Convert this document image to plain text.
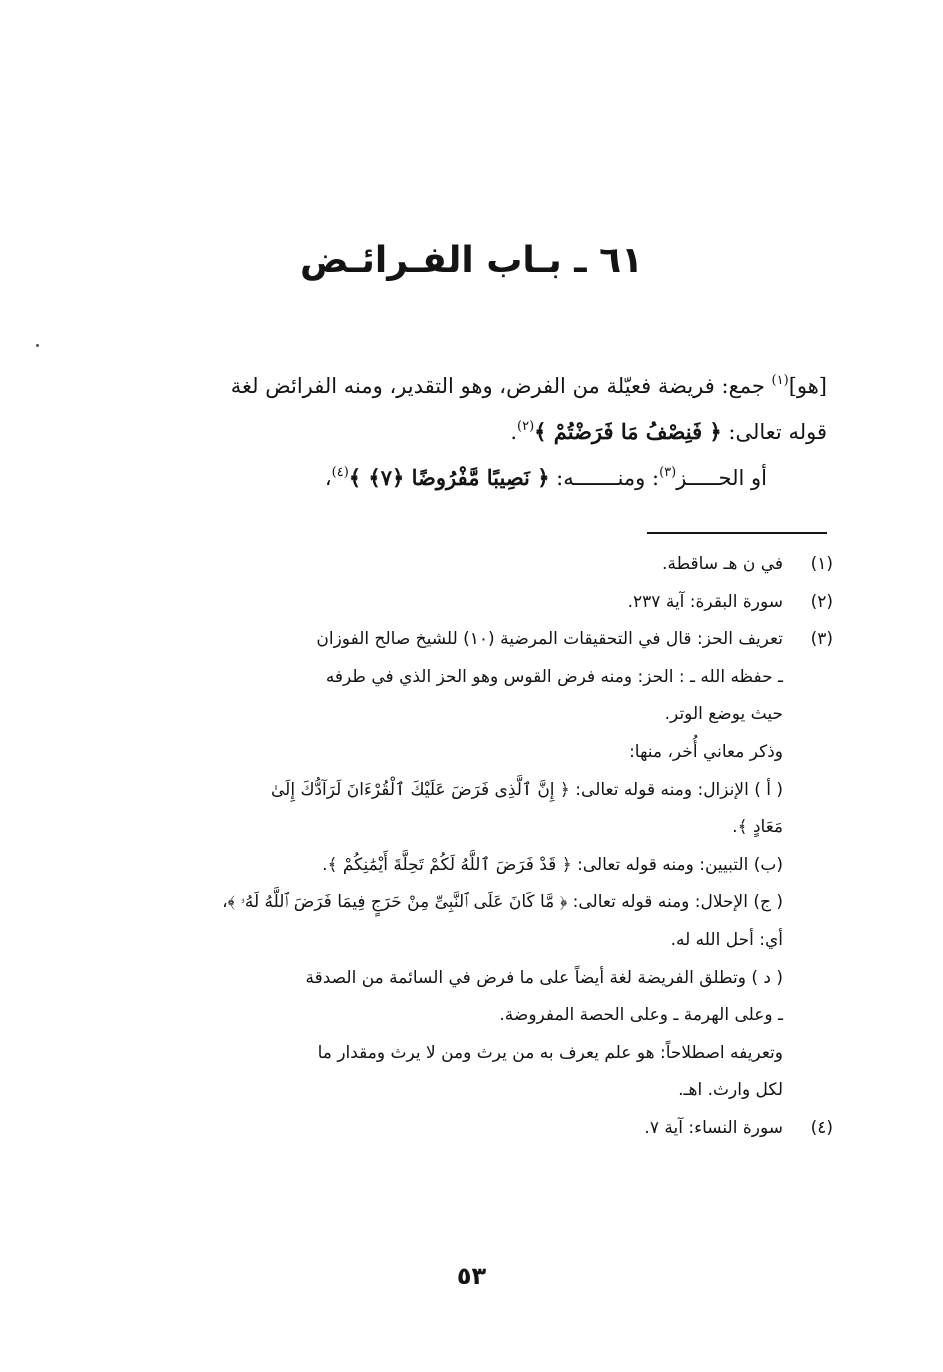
٦١ ـ بـاب الفـرائـض

[هو]$^{(١)}$ جمع: فريضة فعيّلة من الفرض، وهو التقدير، ومنه الفرائض لغة

قوله تعالى: ﴿ فَنِصْفُ مَا فَرَضْتُمْ ﴾$^{(٢)}$.

أو الحـــــز$^{(٣)}$: ومنـــــــه: ﴿ نَصِيبًا مَّفْرُوضًا ﴿٧﴾ ﴾$^{(٤)}$،

(١)
في ن هـ ساقطة.
(٢)
سورة البقرة: آية ٢٣٧.
(٣)
تعريف الحز: قال في التحقيقات المرضية (١٠) للشيخ صالح الفوزان
ـ حفظه الله ـ : الحز: ومنه فرض القوس وهو الحز الذي في طرفه
حيث يوضع الوتر.
وذكر معاني أُخر، منها:
( أ ) الإنزال: ومنه قوله تعالى: ﴿ إِنَّ ٱلَّذِى فَرَضَ عَلَيْكَ ٱلْقُرْءَانَ لَرَآدُّكَ إِلَىٰ
مَعَادٍ ﴾.
(ب) التبيين: ومنه قوله تعالى: ﴿ قَدْ فَرَضَ ٱللَّهُ لَكُمْ تَحِلَّةَ أَيْمَٰنِكُمْ ﴾.
( ج) الإحلال: ومنه قوله تعالى: ﴿ مَّا كَانَ عَلَى ٱلنَّبِىِّ مِنْ حَرَجٍ فِيمَا فَرَضَ ٱللَّهُ لَهُۥ ﴾،
أي: أحل الله له.
( د ) وتطلق الفريضة لغة أيضاً على ما فرض في السائمة من الصدقة
ـ وعلى الهرمة ـ وعلى الحصة المفروضة.
وتعريفه اصطلاحاً: هو علم يعرف به من يرث ومن لا يرث ومقدار ما
لكل وارث. اهـ.
(٤)
سورة النساء: آية ٧.
٥٣
